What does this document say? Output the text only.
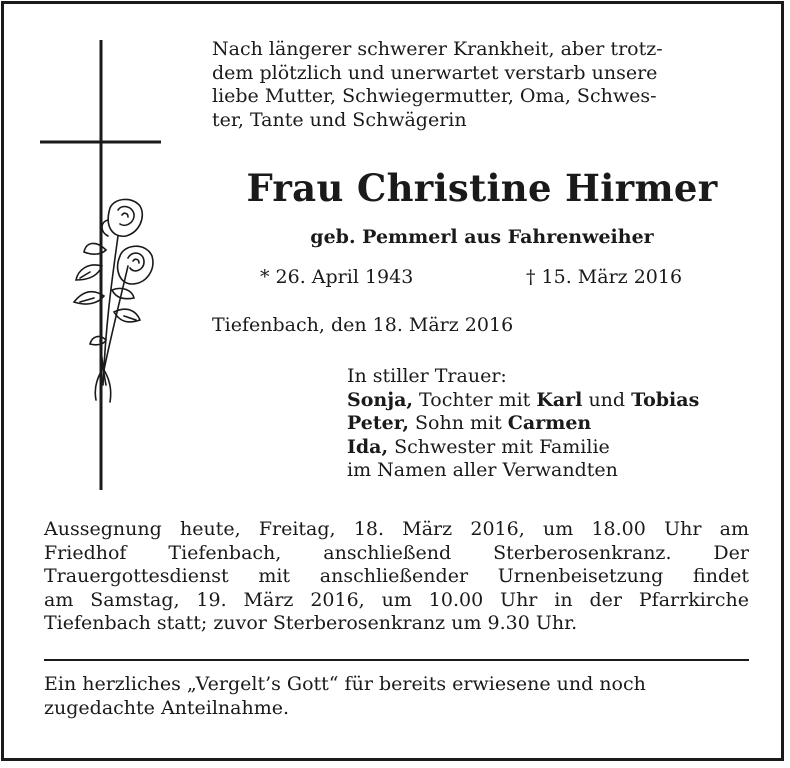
Nach längerer schwerer Krankheit, aber trotz-
dem plötzlich und unerwartet verstarb unsere
liebe Mutter, Schwiegermutter, Oma, Schwes-
ter, Tante und Schwägerin
Frau Christine Hirmer
geb. Pemmerl aus Fahrenweiher
* 26. April 1943	† 15. März 2016
Tiefenbach, den 18. März 2016
In stiller Trauer:
Sonja, Tochter mit Karl und Tobias
Peter, Sohn mit Carmen
Ida, Schwester mit Familie
im Namen aller Verwandten
Aussegnung heute, Freitag, 18. März 2016, um 18.00 Uhr am
Friedhof Tiefenbach, anschließend Sterberosenkranz. Der
Trauergottesdienst mit anschließender Urnenbeisetzung findet
am Samstag, 19. März 2016, um 10.00 Uhr in der Pfarrkirche
Tiefenbach statt; zuvor Sterberosenkranz um 9.30 Uhr.
Ein herzliches „Vergelt’s Gott“ für bereits erwiesene und noch
zugedachte Anteilnahme.
